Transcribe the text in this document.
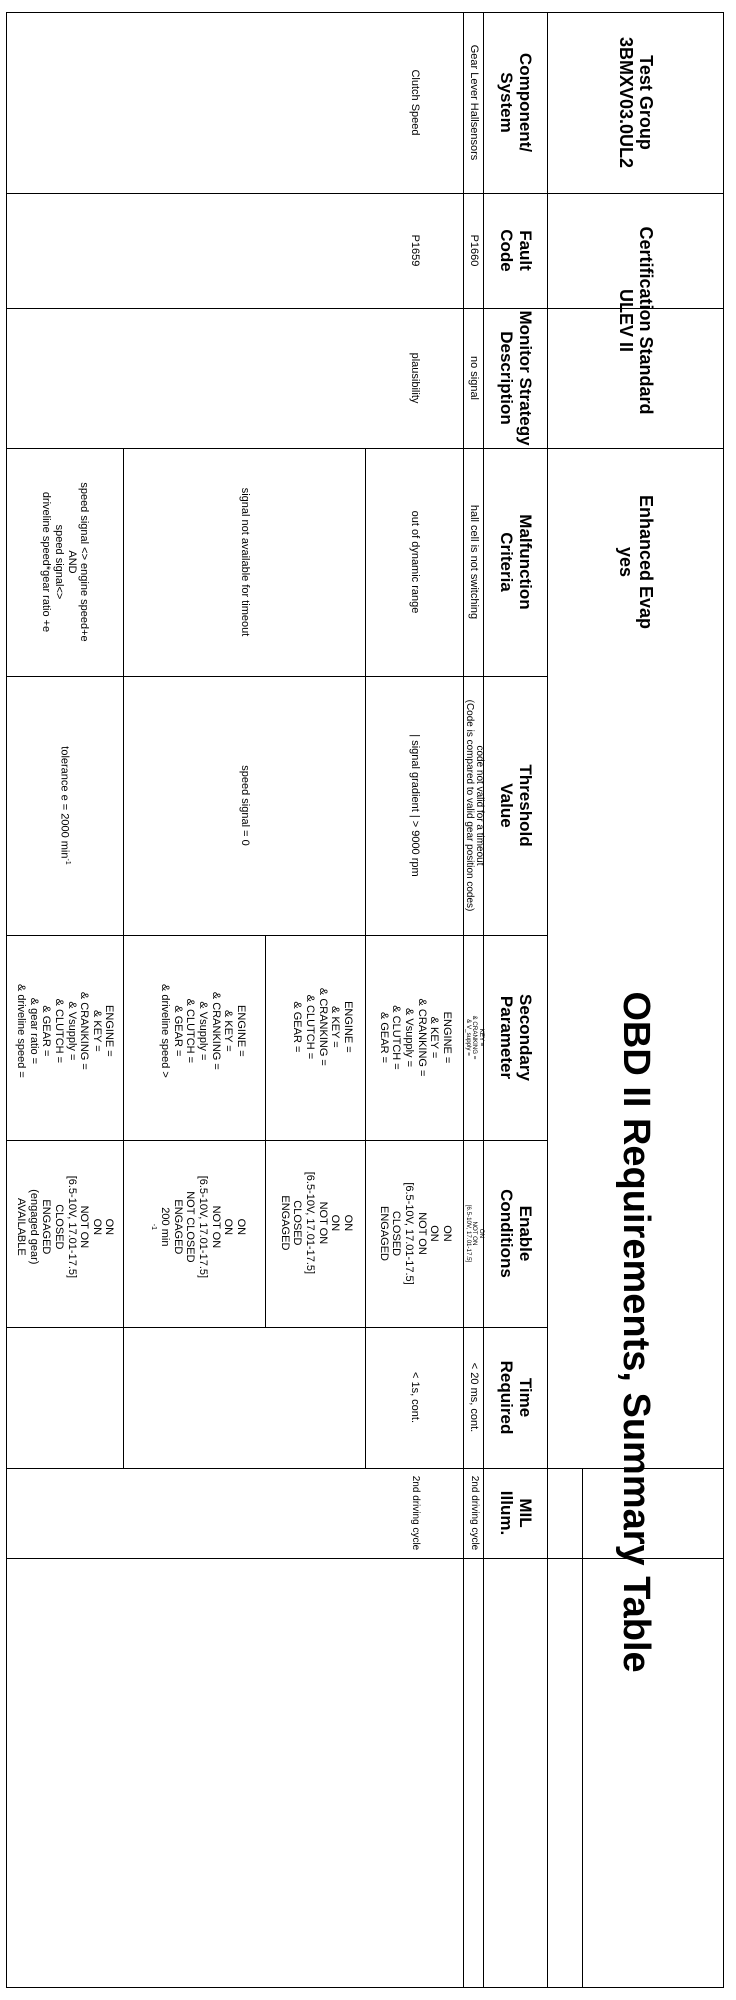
Test Group
3BMXV03.0UL2
Certification Standard
ULEV II
Enhanced Evap
yes
OBD II Requirements, Summary Table
Component/
System
Fault
Code
Monitor Strategy
Description
Malfunction
Criteria
Threshold
Value
Secondary
Parameter
Enable
Conditions
Time
Required
MIL
Illum.
Gear Lever Hallsensors
P1660
no signal
hall cell is not switching
code not valid for a timeout
(Code is compared to valid gear position codes)
KEY =
& CRANKING =
& V_supply =
ON
NOT ON
[6.5-10V, 17.01-17.5]
< 20 ms, cont.
2nd driving cycle
Clutch Speed
P1659
plausibility
< 1s, cont.
2nd driving cycle
out of dynamic range
| signal gradient | > 9000 rpm
ENGINE =
& KEY =
& CRANKING =
& Vsupply =
& CLUTCH =
& GEAR =
ON
ON
NOT ON
[6.5-10V, 17.01-17.5]
CLOSED
ENGAGED
signal not available for timeout
speed signal = 0
ENGINE =
& KEY =
& CRANKING =
& CLUTCH =
& GEAR =
ON
ON
NOT ON
[6.5-10V, 17.01-17.5]
CLOSED
ENGAGED
ENGINE =
& KEY =
& CRANKING =
& Vsupply =
& CLUTCH =
& GEAR =
& driveline speed >
ON
ON
NOT ON
[6.5-10V, 17.01-17.5]
NOT CLOSED
ENGAGED
200 min
$^{-1}$
speed signal <> engine speed+e
AND
speed signal<>
driveline speed*gear ratio +e
tolerance e = 2000 $\min^{-1}$
ENGINE =
& KEY =
& CRANKING =
& Vsupply =
& CLUTCH =
& GEAR =
& gear ratio =
& driveline speed =
ON
ON
NOT ON
[6.5-10V, 17.01-17.5]
CLOSED
ENGAGED
(engaged gear)
AVAILABLE
